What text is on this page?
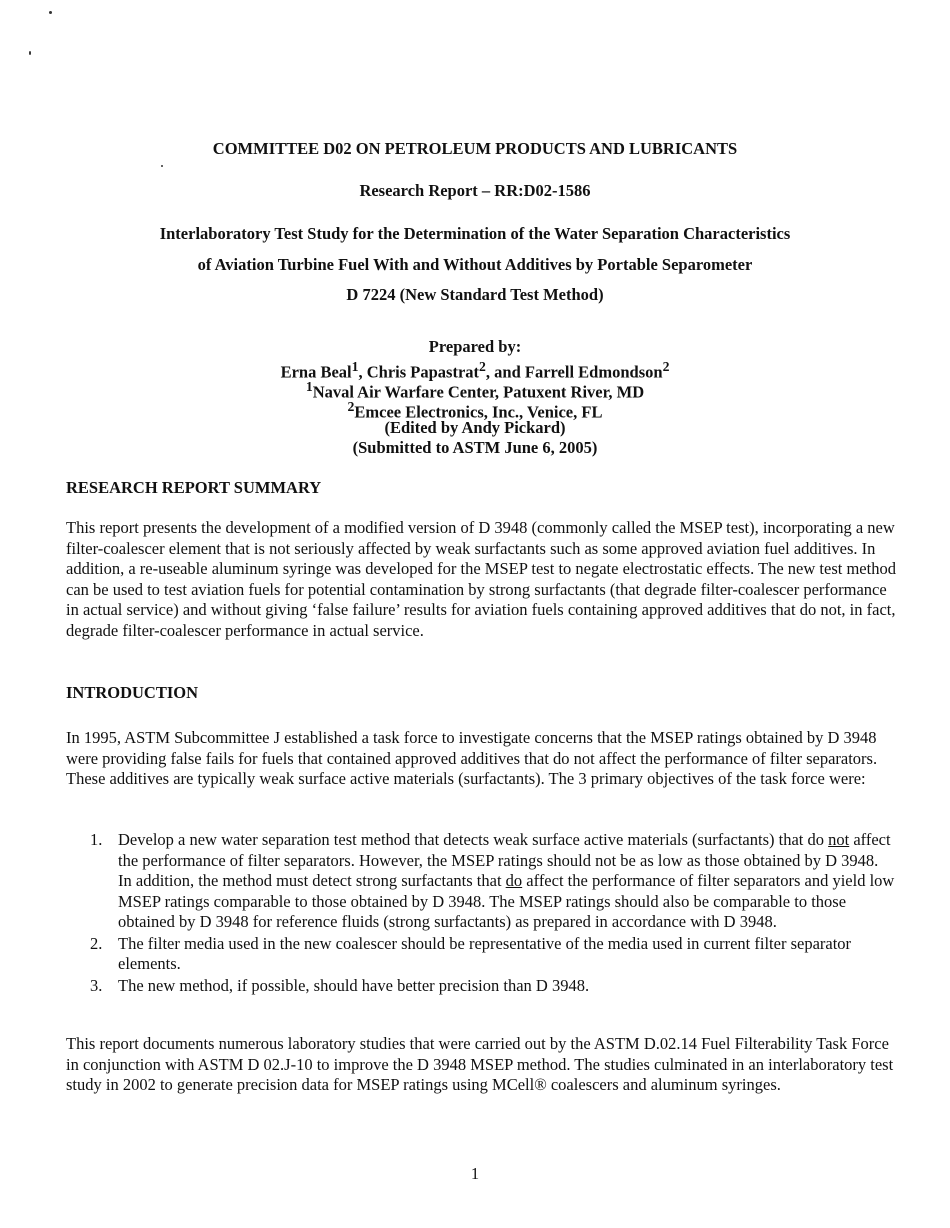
COMMITTEE D02 ON PETROLEUM PRODUCTS AND LUBRICANTS
Research Report – RR:D02-1586
Interlaboratory Test Study for the Determination of the Water Separation Characteristics
of Aviation Turbine Fuel With and Without Additives by Portable Separometer
D 7224 (New Standard Test Method)
Prepared by:
Erna Beal$^1$, Chris Papastrat$^2$, and Farrell Edmondson$^2$
$^1$Naval Air Warfare Center, Patuxent River, MD
$^2$Emcee Electronics, Inc., Venice, FL
(Edited by Andy Pickard)
(Submitted to ASTM June 6, 2005)
RESEARCH REPORT SUMMARY
This report presents the development of a modified version of D 3948 (commonly called the MSEP test), incorporating a new filter-coalescer element that is not seriously affected by weak surfactants such as some approved aviation fuel additives. In addition, a re-useable aluminum syringe was developed for the MSEP test to negate electrostatic effects. The new test method can be used to test aviation fuels for potential contamination by strong surfactants (that degrade filter-coalescer performance in actual service) and without giving ‘false failure’ results for aviation fuels containing approved additives that do not, in fact, degrade filter-coalescer performance in actual service.
INTRODUCTION
In 1995, ASTM Subcommittee J established a task force to investigate concerns that the MSEP ratings obtained by D 3948 were providing false fails for fuels that contained approved additives that do not affect the performance of filter separators. These additives are typically weak surface active materials (surfactants). The 3 primary objectives of the task force were:
1. Develop a new water separation test method that detects weak surface active materials (surfactants) that do not affect the performance of filter separators. However, the MSEP ratings should not be as low as those obtained by D 3948. In addition, the method must detect strong surfactants that do affect the performance of filter separators and yield low MSEP ratings comparable to those obtained by D 3948. The MSEP ratings should also be comparable to those obtained by D 3948 for reference fluids (strong surfactants) as prepared in accordance with D 3948.
2. The filter media used in the new coalescer should be representative of the media used in current filter separator elements.
3. The new method, if possible, should have better precision than D 3948.
This report documents numerous laboratory studies that were carried out by the ASTM D.02.14 Fuel Filterability Task Force in conjunction with ASTM D 02.J-10 to improve the D 3948 MSEP method. The studies culminated in an interlaboratory test study in 2002 to generate precision data for MSEP ratings using MCell® coalescers and aluminum syringes.
1
